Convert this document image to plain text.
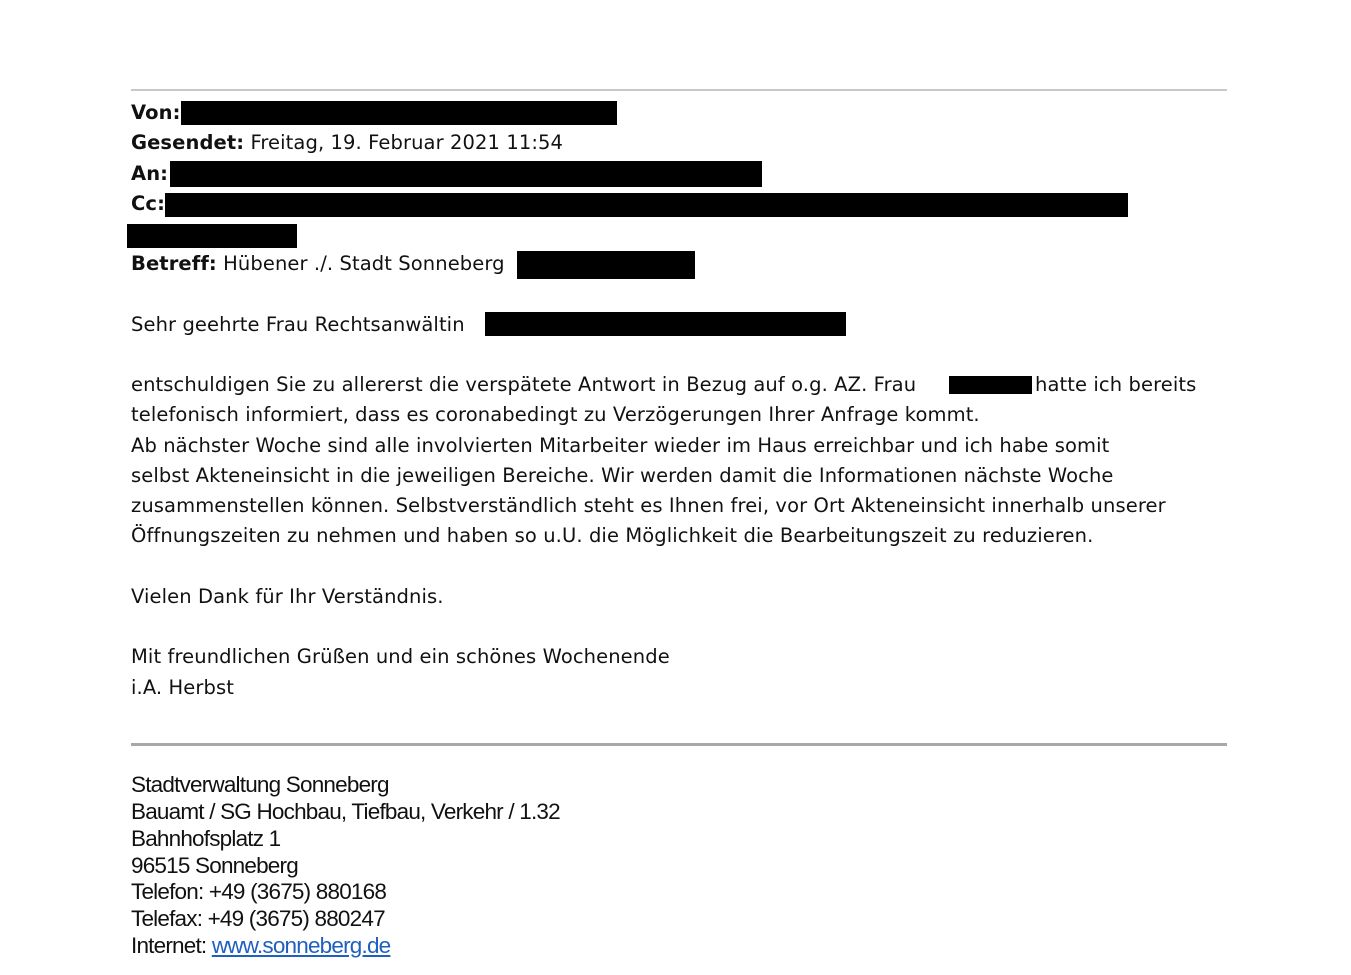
Von:
Gesendet: Freitag, 19. Februar 2021 11:54
An:
Cc:
Betreff: Hübener ./. Stadt Sonneberg
Sehr geehrte Frau Rechtsanwältin
entschuldigen Sie zu allererst die verspätete Antwort in Bezug auf o.g. AZ. Frau	hatte ich bereits
telefonisch informiert, dass es coronabedingt zu Verzögerungen Ihrer Anfrage kommt.
Ab nächster Woche sind alle involvierten Mitarbeiter wieder im Haus erreichbar und ich habe somit
selbst Akteneinsicht in die jeweiligen Bereiche. Wir werden damit die Informationen nächste Woche
zusammenstellen können. Selbstverständlich steht es Ihnen frei, vor Ort Akteneinsicht innerhalb unserer
Öffnungszeiten zu nehmen und haben so u.U. die Möglichkeit die Bearbeitungszeit zu reduzieren.
Vielen Dank für Ihr Verständnis.
Mit freundlichen Grüßen und ein schönes Wochenende
i.A. Herbst
Stadtverwaltung Sonneberg
Bauamt / SG Hochbau, Tiefbau, Verkehr / 1.32
Bahnhofsplatz 1
96515 Sonneberg
Telefon: +49 (3675) 880168
Telefax: +49 (3675) 880247
Internet: www.sonneberg.de
